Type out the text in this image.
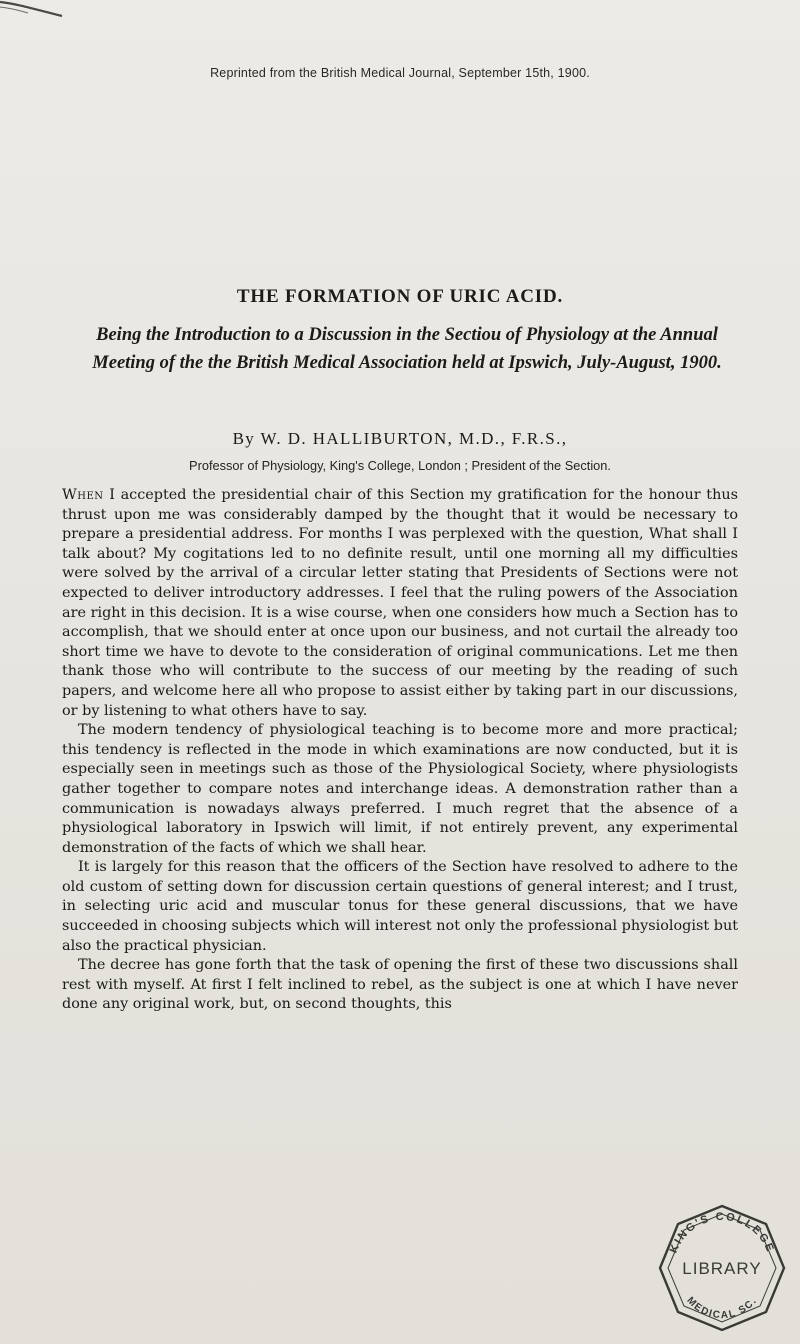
Reprinted from the British Medical Journal, September 15th, 1900.
THE FORMATION OF URIC ACID.
Being the Introduction to a Discussion in the Sectiou of Physiology at the Annual Meeting of the the British Medical Association held at Ipswich, July-August, 1900.
By W. D. HALLIBURTON, M.D., F.R.S.,
Professor of Physiology, King's College, London ; President of the Section.

When I accepted the presidential chair of this Section my gratification for the honour thus thrust upon me was considerably damped by the thought that it would be necessary to prepare a presidential address. For months I was perplexed with the question, What shall I talk about? My cogitations led to no definite result, until one morning all my difficulties were solved by the arrival of a circular letter stating that Presidents of Sections were not expected to deliver introductory addresses. I feel that the ruling powers of the Association are right in this decision. It is a wise course, when one considers how much a Section has to accomplish, that we should enter at once upon our business, and not curtail the already too short time we have to devote to the consideration of original communications. Let me then thank those who will contribute to the success of our meeting by the reading of such papers, and welcome here all who propose to assist either by taking part in our discussions, or by listening to what others have to say.

The modern tendency of physiological teaching is to become more and more practical; this tendency is reflected in the mode in which examinations are now conducted, but it is especially seen in meetings such as those of the Physiological Society, where physiologists gather together to compare notes and interchange ideas. A demonstration rather than a communication is nowadays always preferred. I much regret that the absence of a physiological laboratory in Ipswich will limit, if not entirely prevent, any experimental demonstration of the facts of which we shall hear.

It is largely for this reason that the officers of the Section have resolved to adhere to the old custom of setting down for discussion certain questions of general interest; and I trust, in selecting uric acid and muscular tonus for these general discussions, that we have succeeded in choosing subjects which will interest not only the professional physiologist but also the practical physician.

The decree has gone forth that the task of opening the first of these two discussions shall rest with myself. At first I felt inclined to rebel, as the subject is one at which I have never done any original work, but, on second thoughts, this

KING'S COLLEGE
LIBRARY
MEDICAL SC.
